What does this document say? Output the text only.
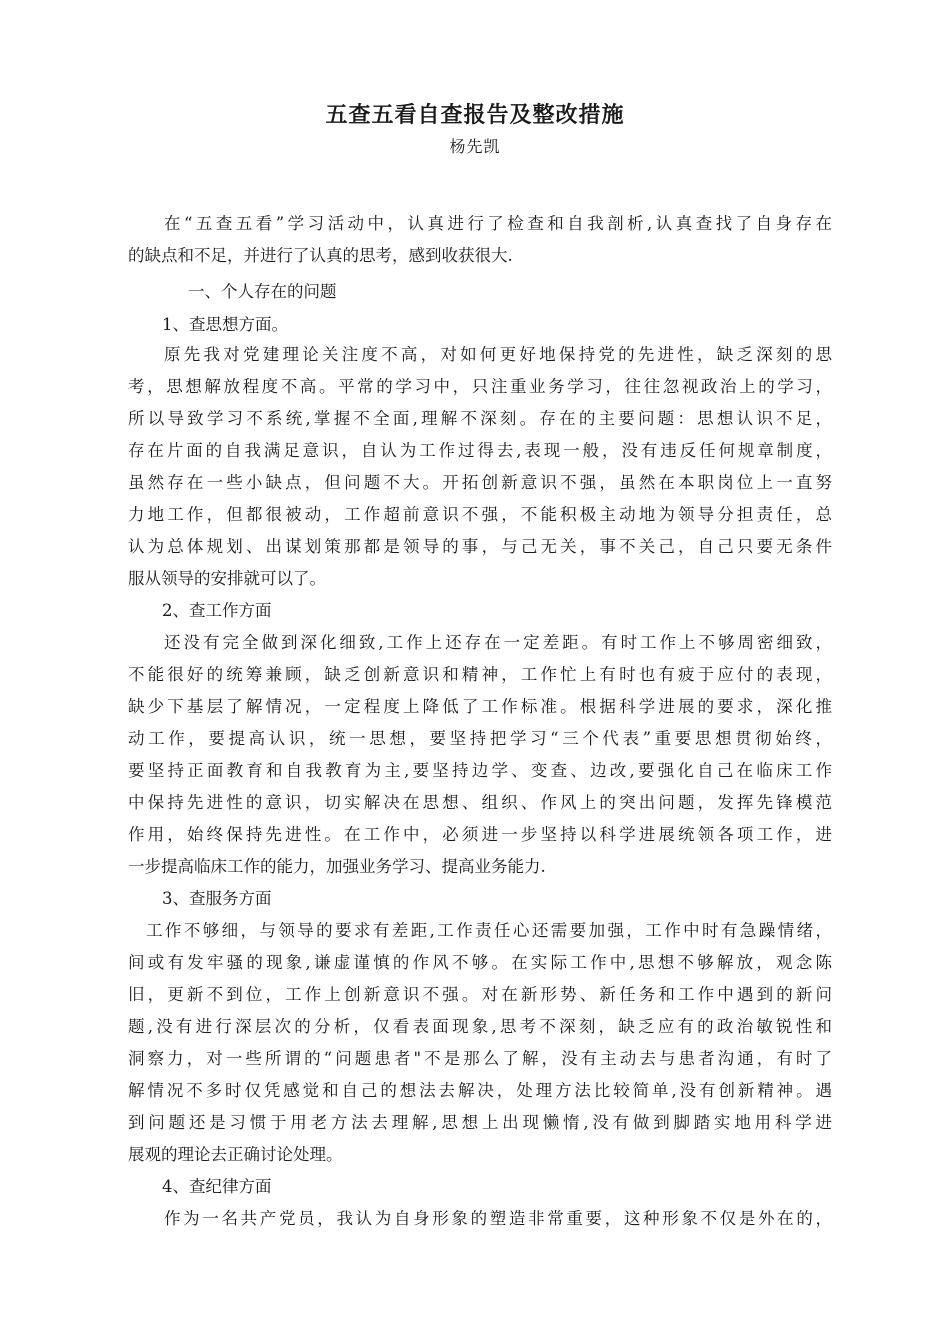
五查五看自查报告及整改措施
杨先凯
在“五查五看”学习活动中，认真进行了检查和自我剖析,认真查找了自身存在
的缺点和不足，并进行了认真的思考，感到收获很大.
一、个人存在的问题
1、查思想方面。
原先我对党建理论关注度不高，对如何更好地保持党的先进性，缺乏深刻的思
考，思想解放程度不高。平常的学习中，只注重业务学习，往往忽视政治上的学习，
所以导致学习不系统,掌握不全面,理解不深刻。存在的主要问题：思想认识不足，
存在片面的自我满足意识，自认为工作过得去,表现一般，没有违反任何规章制度，
虽然存在一些小缺点，但问题不大。开拓创新意识不强，虽然在本职岗位上一直努
力地工作，但都很被动，工作超前意识不强，不能积极主动地为领导分担责任，总
认为总体规划、出谋划策那都是领导的事，与己无关，事不关己，自己只要无条件
服从领导的安排就可以了。
2、查工作方面
还没有完全做到深化细致,工作上还存在一定差距。有时工作上不够周密细致，
不能很好的统筹兼顾，缺乏创新意识和精神，工作忙上有时也有疲于应付的表现，
缺少下基层了解情况，一定程度上降低了工作标准。根据科学进展的要求，深化推
动工作，要提高认识，统一思想，要坚持把学习“三个代表”重要思想贯彻始终，
要坚持正面教育和自我教育为主,要坚持边学、变查、边改,要强化自己在临床工作
中保持先进性的意识，切实解决在思想、组织、作风上的突出问题，发挥先锋模范
作用，始终保持先进性。在工作中，必须进一步坚持以科学进展统领各项工作，进
一步提高临床工作的能力，加强业务学习、提高业务能力.
3、查服务方面
工作不够细，与领导的要求有差距,工作责任心还需要加强，工作中时有急躁情绪，
间或有发牢骚的现象,谦虚谨慎的作风不够。在实际工作中,思想不够解放，观念陈
旧，更新不到位，工作上创新意识不强。对在新形势、新任务和工作中遇到的新问
题,没有进行深层次的分析，仅看表面现象,思考不深刻，缺乏应有的政治敏锐性和
洞察力，对一些所谓的“问题患者"不是那么了解，没有主动去与患者沟通，有时了
解情况不多时仅凭感觉和自己的想法去解决，处理方法比较简单,没有创新精神。遇
到问题还是习惯于用老方法去理解,思想上出现懒惰,没有做到脚踏实地用科学进
展观的理论去正确讨论处理。
4、查纪律方面
作为一名共产党员，我认为自身形象的塑造非常重要，这种形象不仅是外在的，
